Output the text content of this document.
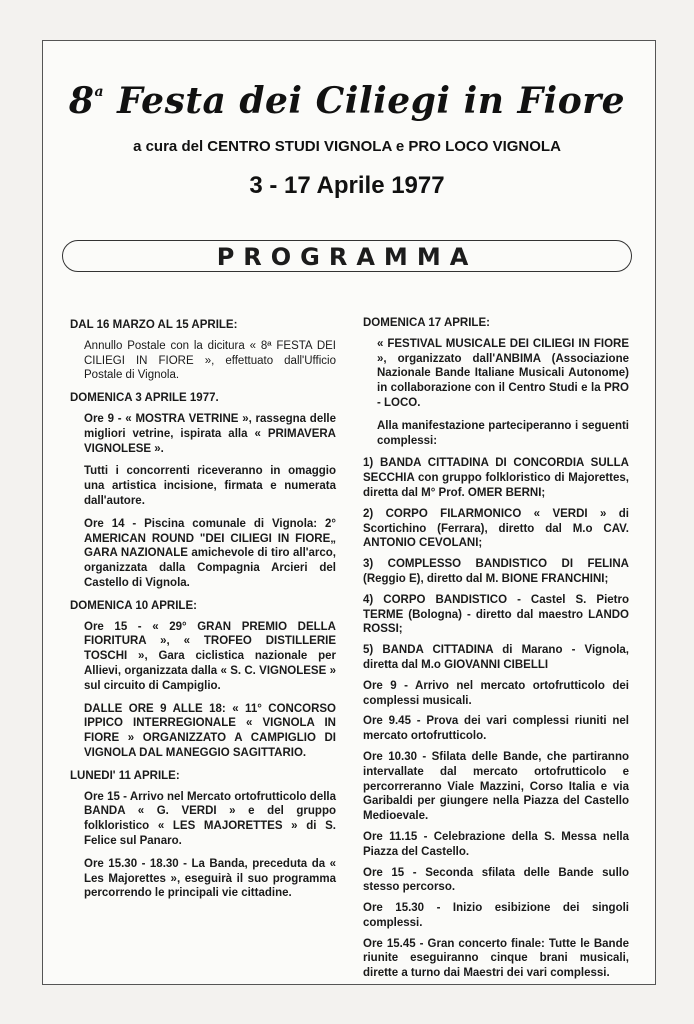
8$^a$ Festa dei Ciliegi in Fiore
a cura del CENTRO STUDI VIGNOLA e PRO LOCO VIGNOLA
3 - 17 Aprile 1977
PROGRAMMA

DAL 16 MARZO AL 15 APRILE:

Annullo Postale con la dicitura « 8ª FESTA DEI CILIEGI IN FIORE », effettuato dall'Ufficio Postale di Vignola.

DOMENICA 3 APRILE 1977.

Ore 9 - « MOSTRA VETRINE », rassegna delle migliori vetrine, ispirata alla « PRIMAVERA VIGNOLESE ».

Tutti i concorrenti riceveranno in omaggio una artistica incisione, firmata e numerata dall'autore.

Ore 14 - Piscina comunale di Vignola: 2° AMERICAN ROUND "DEI CILIEGI IN FIORE„ GARA NAZIONALE amichevole di tiro all'arco, organizzata dalla Compagnia Arcieri del Castello di Vignola.

DOMENICA 10 APRILE:

Ore 15 - « 29° GRAN PREMIO DELLA FIORITURA », « TROFEO DISTILLERIE TOSCHI », Gara ciclistica nazionale per Allievi, organizzata dalla « S. C. VIGNOLESE » sul circuito di Campiglio.

DALLE ORE 9 ALLE 18: « 11° CONCORSO IPPICO INTERREGIONALE « VIGNOLA IN FIORE » ORGANIZZATO A CAMPIGLIO DI VIGNOLA DAL MANEGGIO SAGITTARIO.

LUNEDI' 11 APRILE:

Ore 15 - Arrivo nel Mercato ortofrutticolo della BANDA « G. VERDI » e del gruppo folkloristico « LES MAJORETTES » di S. Felice sul Panaro.

Ore 15.30 - 18.30 - La Banda, preceduta da « Les Majorettes », eseguirà il suo programma percorrendo le principali vie cittadine.

DOMENICA 17 APRILE:

« FESTIVAL MUSICALE DEI CILIEGI IN FIORE », organizzato dall'ANBIMA (Associazione Nazionale Bande Italiane Musicali Autonome) in collaborazione con il Centro Studi e la PRO - LOCO.

Alla manifestazione parteciperanno i seguenti complessi:

1) BANDA CITTADINA DI CONCORDIA SULLA SECCHIA con gruppo folkloristico di Majorettes, diretta dal M° Prof. OMER BERNI;

2) CORPO FILARMONICO « VERDI » di Scortichino (Ferrara), diretto dal M.o CAV. ANTONIO CEVOLANI;

3) COMPLESSO BANDISTICO DI FELINA (Reggio E), diretto dal M. BIONE FRANCHINI;

4) CORPO BANDISTICO - Castel S. Pietro TERME (Bologna) - diretto dal maestro LANDO ROSSI;

5) BANDA CITTADINA di Marano - Vignola, diretta dal M.o GIOVANNI CIBELLI

Ore 9 - Arrivo nel mercato ortofrutticolo dei complessi musicali.

Ore 9.45 - Prova dei vari complessi riuniti nel mercato ortofrutticolo.

Ore 10.30 - Sfilata delle Bande, che partiranno intervallate dal mercato ortofrutticolo e percorreranno Viale Mazzini, Corso Italia e via Garibaldi per giungere nella Piazza del Castello Medioevale.

Ore 11.15 - Celebrazione della S. Messa nella Piazza del Castello.

Ore 15 - Seconda sfilata delle Bande sullo stesso percorso.

Ore 15.30 - Inizio esibizione dei singoli complessi.

Ore 15.45 - Gran concerto finale: Tutte le Bande riunite eseguiranno cinque brani musicali, dirette a turno dai Maestri dei vari complessi.
